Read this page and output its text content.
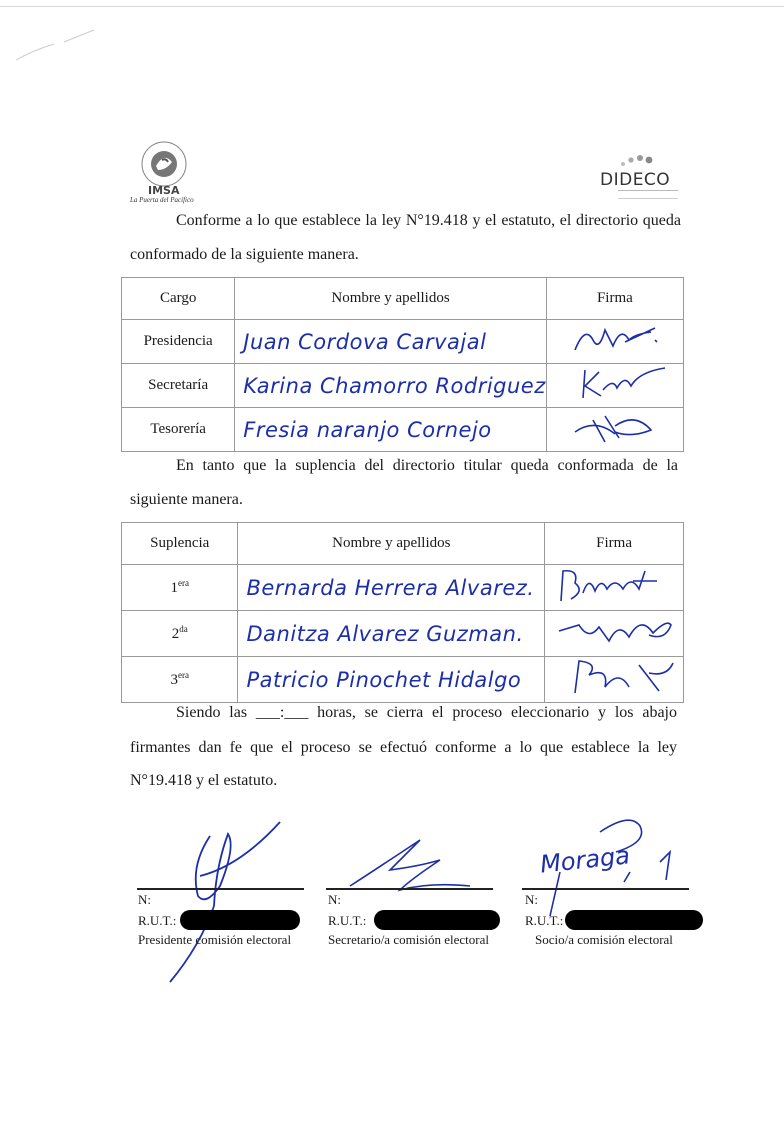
IMSA
La Puerta del Pacífico
DIDECO
Conforme a lo que establece la ley N°19.418 y el estatuto, el directorio queda
conformado de la siguiente manera.
Cargo	Nombre y apellidos	Firma
Presidencia	Juan Cordova Carvajal	
Secretaría	Karina Chamorro Rodriguez	
Tesorería	Fresia naranjo Cornejo	
En tanto que la suplencia del directorio titular queda conformada de la
siguiente manera.
Suplencia	Nombre y apellidos	Firma
$1^{era}$	Bernarda Herrera Alvarez.	
$2^{da}$	Danitza Alvarez Guzman.	
$3^{era}$	Patricio Pinochet Hidalgo	
Siendo las ___:___ horas, se cierra el proceso eleccionario y los abajo
firmantes dan fe que el proceso se efectuó conforme a lo que establece la ley
N°19.418 y el estatuto.
N:
R.U.T.:
Presidente comisión electoral
N:
R.U.T.:
Secretario/a comisión electoral
Moraga
N:
R.U.T.:
Socio/a comisión electoral
